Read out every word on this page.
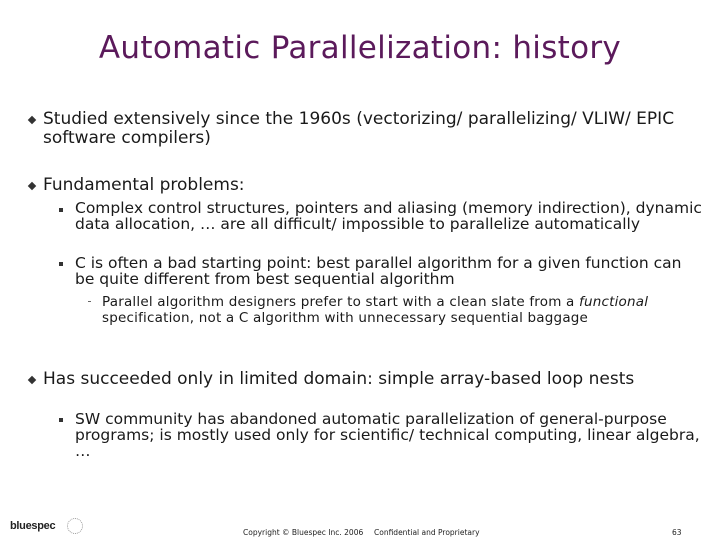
Automatic Parallelization: history
Studied extensively since the 1960s (vectorizing/ parallelizing/ VLIW/ EPIC software compilers)
Fundamental problems:
Complex control structures, pointers and aliasing (memory indirection), dynamic data allocation, … are all difficult/ impossible to parallelize automatically
C is often a bad starting point: best parallel algorithm for a given function can be quite different from best sequential algorithm
Parallel algorithm designers prefer to start with a clean slate from a functional specification, not a C algorithm with unnecessary sequential baggage
Has succeeded only in limited domain: simple array-based loop nests
SW community has abandoned automatic parallelization of general-purpose programs; is mostly used only for scientific/ technical computing, linear algebra, …
bluespec
Copyright © Bluespec Inc. 2006 Confidential and Proprietary	63
